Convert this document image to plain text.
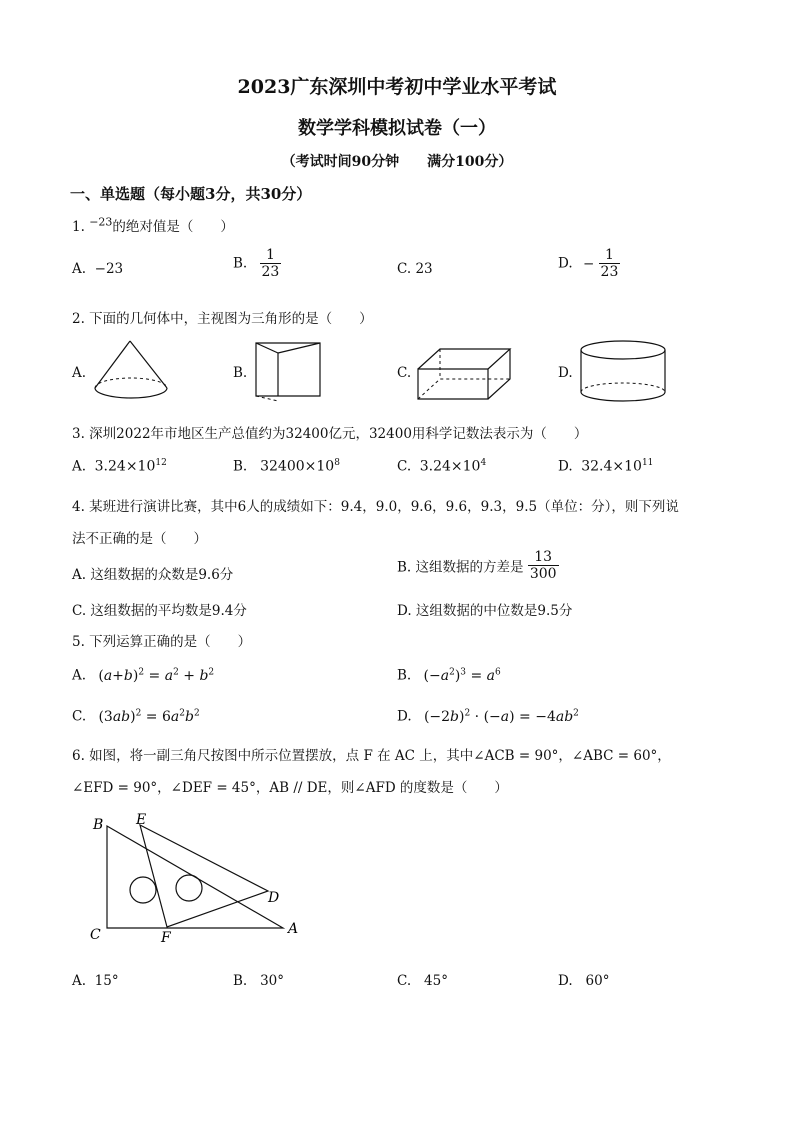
2023广东深圳中考初中学业水平考试
数学学科模拟试卷（一）
（考试时间90分钟　　满分100分）
一、单选题（每小题3分，共30分）
1. $^{-23}$的绝对值是（　　）
A. −23	B. $\frac{1}{23}$	C. 23	D. − $\frac{1}{23}$
2. 下面的几何体中，主视图为三角形的是（　　）
A.	B.	C.	D.
3. 深圳2022年市地区生产总值约为32400亿元，32400用科学记数法表示为（　　）
A. $3.24\times 10^{12}$	B. $32400\times 10^8$	C. $3.24\times 10^4$	D. $32.4\times 10^{11}$
4. 某班进行演讲比赛，其中6人的成绩如下：9.4，9.0，9.6，9.6，9.3，9.5（单位：分），则下列说
法不正确的是（　　）
A. 这组数据的众数是9.6分	B. 这组数据的方差是 $\frac{13}{300}$
C. 这组数据的平均数是9.4分	D. 这组数据的中位数是9.5分
5. 下列运算正确的是（　　）
A. $(a+b)^2 = a^2 + b^2$	B. $(-a^2)^3 = a^6$
C. $(3ab)^2 = 6a^2b^2$	D. $(-2b)^2 \cdot (-a) = -4ab^2$
6. 如图，将一副三角尺按图中所示位置摆放，点 F 在 AC 上，其中∠ACB = 90°，∠ABC = 60°，
∠EFD = 90°，∠DEF = 45°，AB // DE，则∠AFD 的度数是（　　）
B E
C	F
D
A
A. 15°	B. 30°	C. 45°	D. 60°
